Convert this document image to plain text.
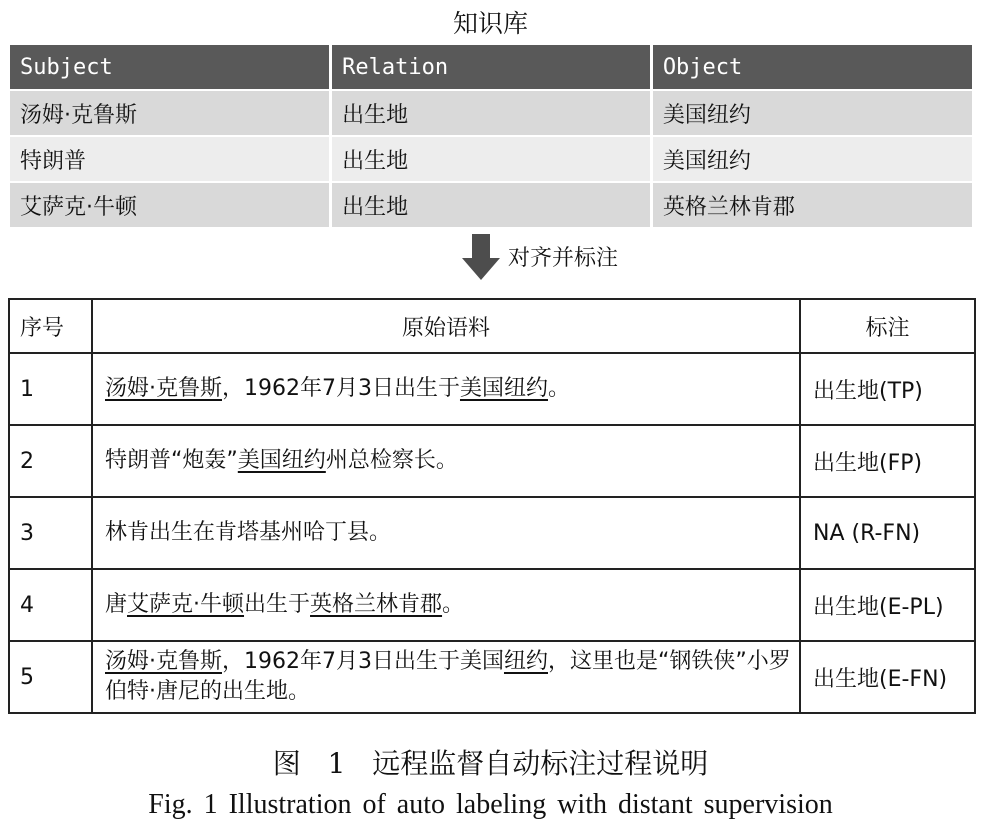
知识库
Subject	Relation	Object
汤姆·克鲁斯	出生地	美国纽约
特朗普	出生地	美国纽约
艾萨克·牛顿	出生地	英格兰林肯郡
对齐并标注
序号	原始语料	标注
1	汤姆·克鲁斯，1962年7月3日出生于美国纽约。	出生地(TP)
2	特朗普“炮轰”美国纽约州总检察长。	出生地(FP)
3	林肯出生在肯塔基州哈丁县。	NA (R-FN)
4	唐艾萨克·牛顿出生于英格兰林肯郡。	出生地(E-PL)
5	汤姆·克鲁斯，1962年7月3日出生于美国纽约，这里也是“钢铁侠”小罗伯特·唐尼的出生地。	出生地(E-FN)
图 1 远程监督自动标注过程说明
Fig. 1 Illustration of auto labeling with distant supervision
